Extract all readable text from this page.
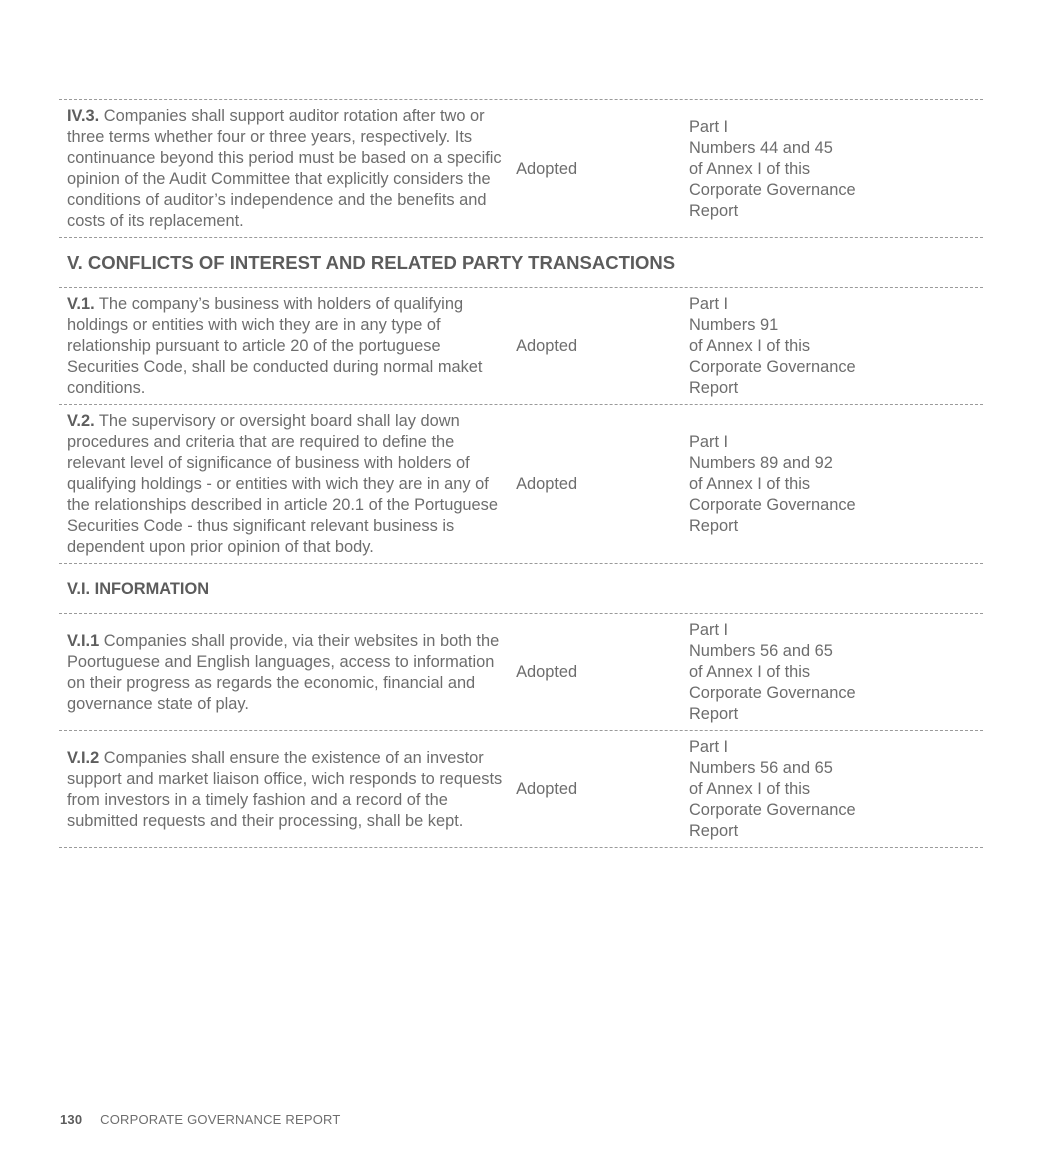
IV.3. Companies shall support auditor rotation after two or three terms whether four or three years, respectively. Its continuance beyond this period must be based on a specific opinion of the Audit Committee that explicitly considers the conditions of auditor’s independence and the benefits and costs of its replacement.
Adopted
Part I
Numbers 44 and 45
of Annex I of this
Corporate Governance
Report
V. CONFLICTS OF INTEREST AND RELATED PARTY TRANSACTIONS
V.1. The company’s business with holders of qualifying holdings or entities with wich they are in any type of relationship pursuant to article 20 of the portuguese Securities Code, shall be conducted during normal maket conditions.
Adopted
Part I
Numbers 91
of Annex I of this
Corporate Governance
Report
V.2. The supervisory or oversight board shall lay down procedures and criteria that are required to define the relevant level of significance of business with holders of qualifying holdings - or entities with wich they are in any of the relationships described in article 20.1 of the Portuguese Securities Code - thus significant relevant business is dependent upon prior opinion of that body.
Adopted
Part I
Numbers 89 and 92
of Annex I of this
Corporate Governance
Report
V.I. INFORMATION
V.I.1 Companies shall provide, via their websites in both the Poortuguese and English languages, access to information on their progress as regards the economic, financial and governance state of play.
Adopted
Part I
Numbers 56 and 65
of Annex I of this
Corporate Governance
Report
V.I.2 Companies shall ensure the existence of an investor support and market liaison office, wich responds to requests from investors in a timely fashion and a record of the submitted requests and their processing, shall be kept.
Adopted
Part I
Numbers 56 and 65
of Annex I of this
Corporate Governance
Report
130 CORPORATE GOVERNANCE REPORT
